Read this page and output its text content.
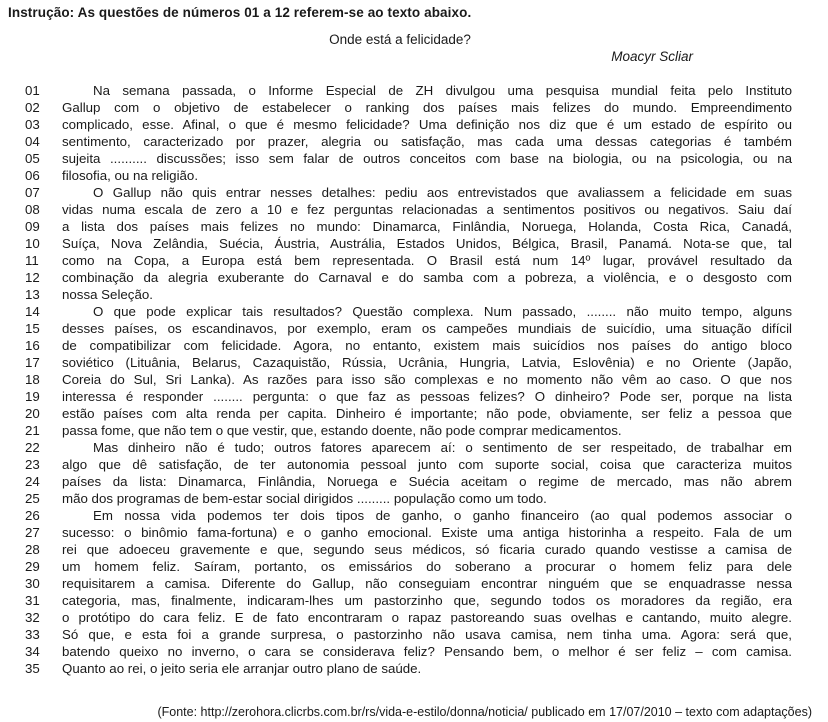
Instrução: As questões de números 01 a 12 referem-se ao texto abaixo.
Onde está a felicidade?
Moacyr Scliar
01	Na semana passada, o Informe Especial de ZH divulgou uma pesquisa mundial feita pelo Instituto
02	Gallup com o objetivo de estabelecer o ranking dos países mais felizes do mundo. Empreendimento
03	complicado, esse. Afinal, o que é mesmo felicidade? Uma definição nos diz que é um estado de espírito ou
04	sentimento, caracterizado por prazer, alegria ou satisfação, mas cada uma dessas categorias é também
05	sujeita .......... discussões; isso sem falar de outros conceitos com base na biologia, ou na psicologia, ou na
06	filosofia, ou na religião.
07	O Gallup não quis entrar nesses detalhes: pediu aos entrevistados que avaliassem a felicidade em suas
08	vidas numa escala de zero a 10 e fez perguntas relacionadas a sentimentos positivos ou negativos. Saiu daí
09	a lista dos países mais felizes no mundo: Dinamarca, Finlândia, Noruega, Holanda, Costa Rica, Canadá,
10	Suíça, Nova Zelândia, Suécia, Áustria, Austrália, Estados Unidos, Bélgica, Brasil, Panamá. Nota-se que, tal
11	como na Copa, a Europa está bem representada. O Brasil está num 14º lugar, provável resultado da
12	combinação da alegria exuberante do Carnaval e do samba com a pobreza, a violência, e o desgosto com
13	nossa Seleção.
14	O que pode explicar tais resultados? Questão complexa. Num passado, ........ não muito tempo, alguns
15	desses países, os escandinavos, por exemplo, eram os campeões mundiais de suicídio, uma situação difícil
16	de compatibilizar com felicidade. Agora, no entanto, existem mais suicídios nos países do antigo bloco
17	soviético (Lituânia, Belarus, Cazaquistão, Rússia, Ucrânia, Hungria, Latvia, Eslovênia) e no Oriente (Japão,
18	Coreia do Sul, Sri Lanka). As razões para isso são complexas e no momento não vêm ao caso. O que nos
19	interessa é responder ........ pergunta: o que faz as pessoas felizes? O dinheiro? Pode ser, porque na lista
20	estão países com alta renda per capita. Dinheiro é importante; não pode, obviamente, ser feliz a pessoa que
21	passa fome, que não tem o que vestir, que, estando doente, não pode comprar medicamentos.
22	Mas dinheiro não é tudo; outros fatores aparecem aí: o sentimento de ser respeitado, de trabalhar em
23	algo que dê satisfação, de ter autonomia pessoal junto com suporte social, coisa que caracteriza muitos
24	países da lista: Dinamarca, Finlândia, Noruega e Suécia aceitam o regime de mercado, mas não abrem
25	mão dos programas de bem-estar social dirigidos ......... população como um todo.
26	Em nossa vida podemos ter dois tipos de ganho, o ganho financeiro (ao qual podemos associar o
27	sucesso: o binômio fama-fortuna) e o ganho emocional. Existe uma antiga historinha a respeito. Fala de um
28	rei que adoeceu gravemente e que, segundo seus médicos, só ficaria curado quando vestisse a camisa de
29	um homem feliz. Saíram, portanto, os emissários do soberano a procurar o homem feliz para dele
30	requisitarem a camisa. Diferente do Gallup, não conseguiam encontrar ninguém que se enquadrasse nessa
31	categoria, mas, finalmente, indicaram-lhes um pastorzinho que, segundo todos os moradores da região, era
32	o protótipo do cara feliz. E de fato encontraram o rapaz pastoreando suas ovelhas e cantando, muito alegre.
33	Só que, e esta foi a grande surpresa, o pastorzinho não usava camisa, nem tinha uma. Agora: será que,
34	batendo queixo no inverno, o cara se considerava feliz? Pensando bem, o melhor é ser feliz – com camisa.
35	Quanto ao rei, o jeito seria ele arranjar outro plano de saúde.
(Fonte: http://zerohora.clicrbs.com.br/rs/vida-e-estilo/donna/noticia/ publicado em 17/07/2010 – texto com adaptações)
